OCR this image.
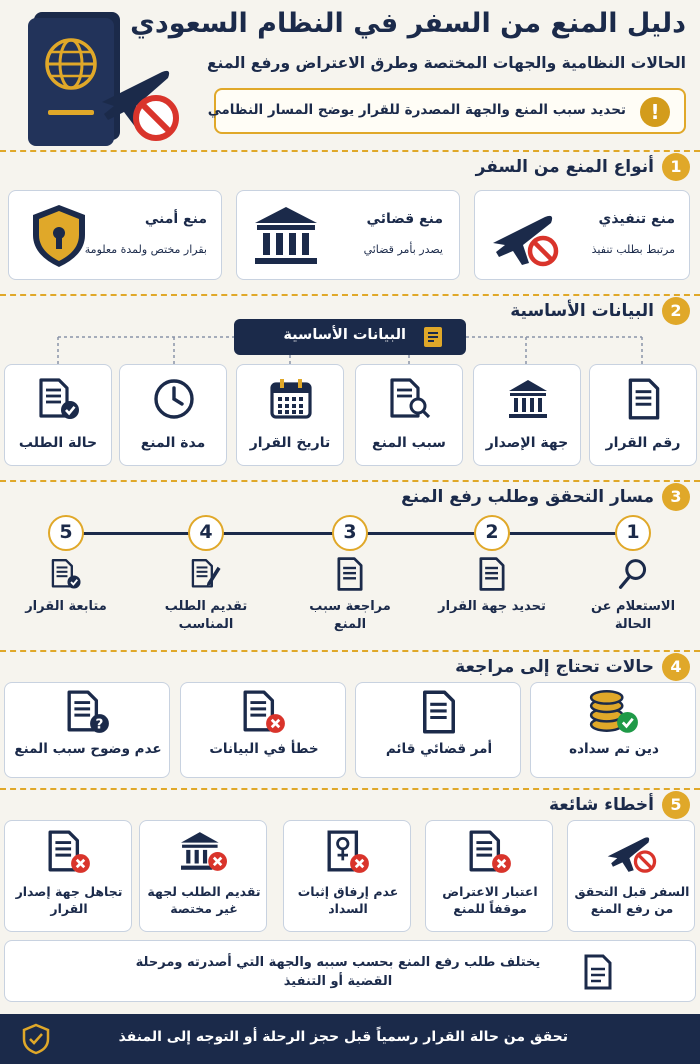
دليل المنع من السفر في النظام السعودي
الحالات النظامية والجهات المختصة وطرق الاعتراض ورفع المنع
!
تحديد سبب المنع والجهة المصدرة للقرار يوضح المسار النظامي
1
أنواع المنع من السفر
منع تنفيذي
مرتبط بطلب تنفيذ
منع قضائي
يصدر بأمر قضائي
منع أمني
بقرار مختص ولمدة معلومة
2
البيانات الأساسية
البيانات الأساسية
رقم القرار
جهة الإصدار
سبب المنع
تاريخ القرار
مدة المنع
حالة الطلب
3
مسار التحقق وطلب رفع المنع
1
الاستعلام عن الحالة
2
تحديد جهة القرار
3
مراجعة سبب المنع
4
تقديم الطلب المناسب
5
متابعة القرار
4
حالات تحتاج إلى مراجعة
دين تم سداده
أمر قضائي قائم
خطأ في البيانات
?
عدم وضوح سبب المنع
5
أخطاء شائعة
السفر قبل التحقق من رفع المنع
اعتبار الاعتراض موقفاً للمنع
عدم إرفاق إثبات السداد
تقديم الطلب لجهة غير مختصة
تجاهل جهة إصدار القرار
يختلف طلب رفع المنع بحسب سببه والجهة التي أصدرته ومرحلة القضية أو التنفيذ
تحقق من حالة القرار رسمياً قبل حجز الرحلة أو التوجه إلى المنفذ
